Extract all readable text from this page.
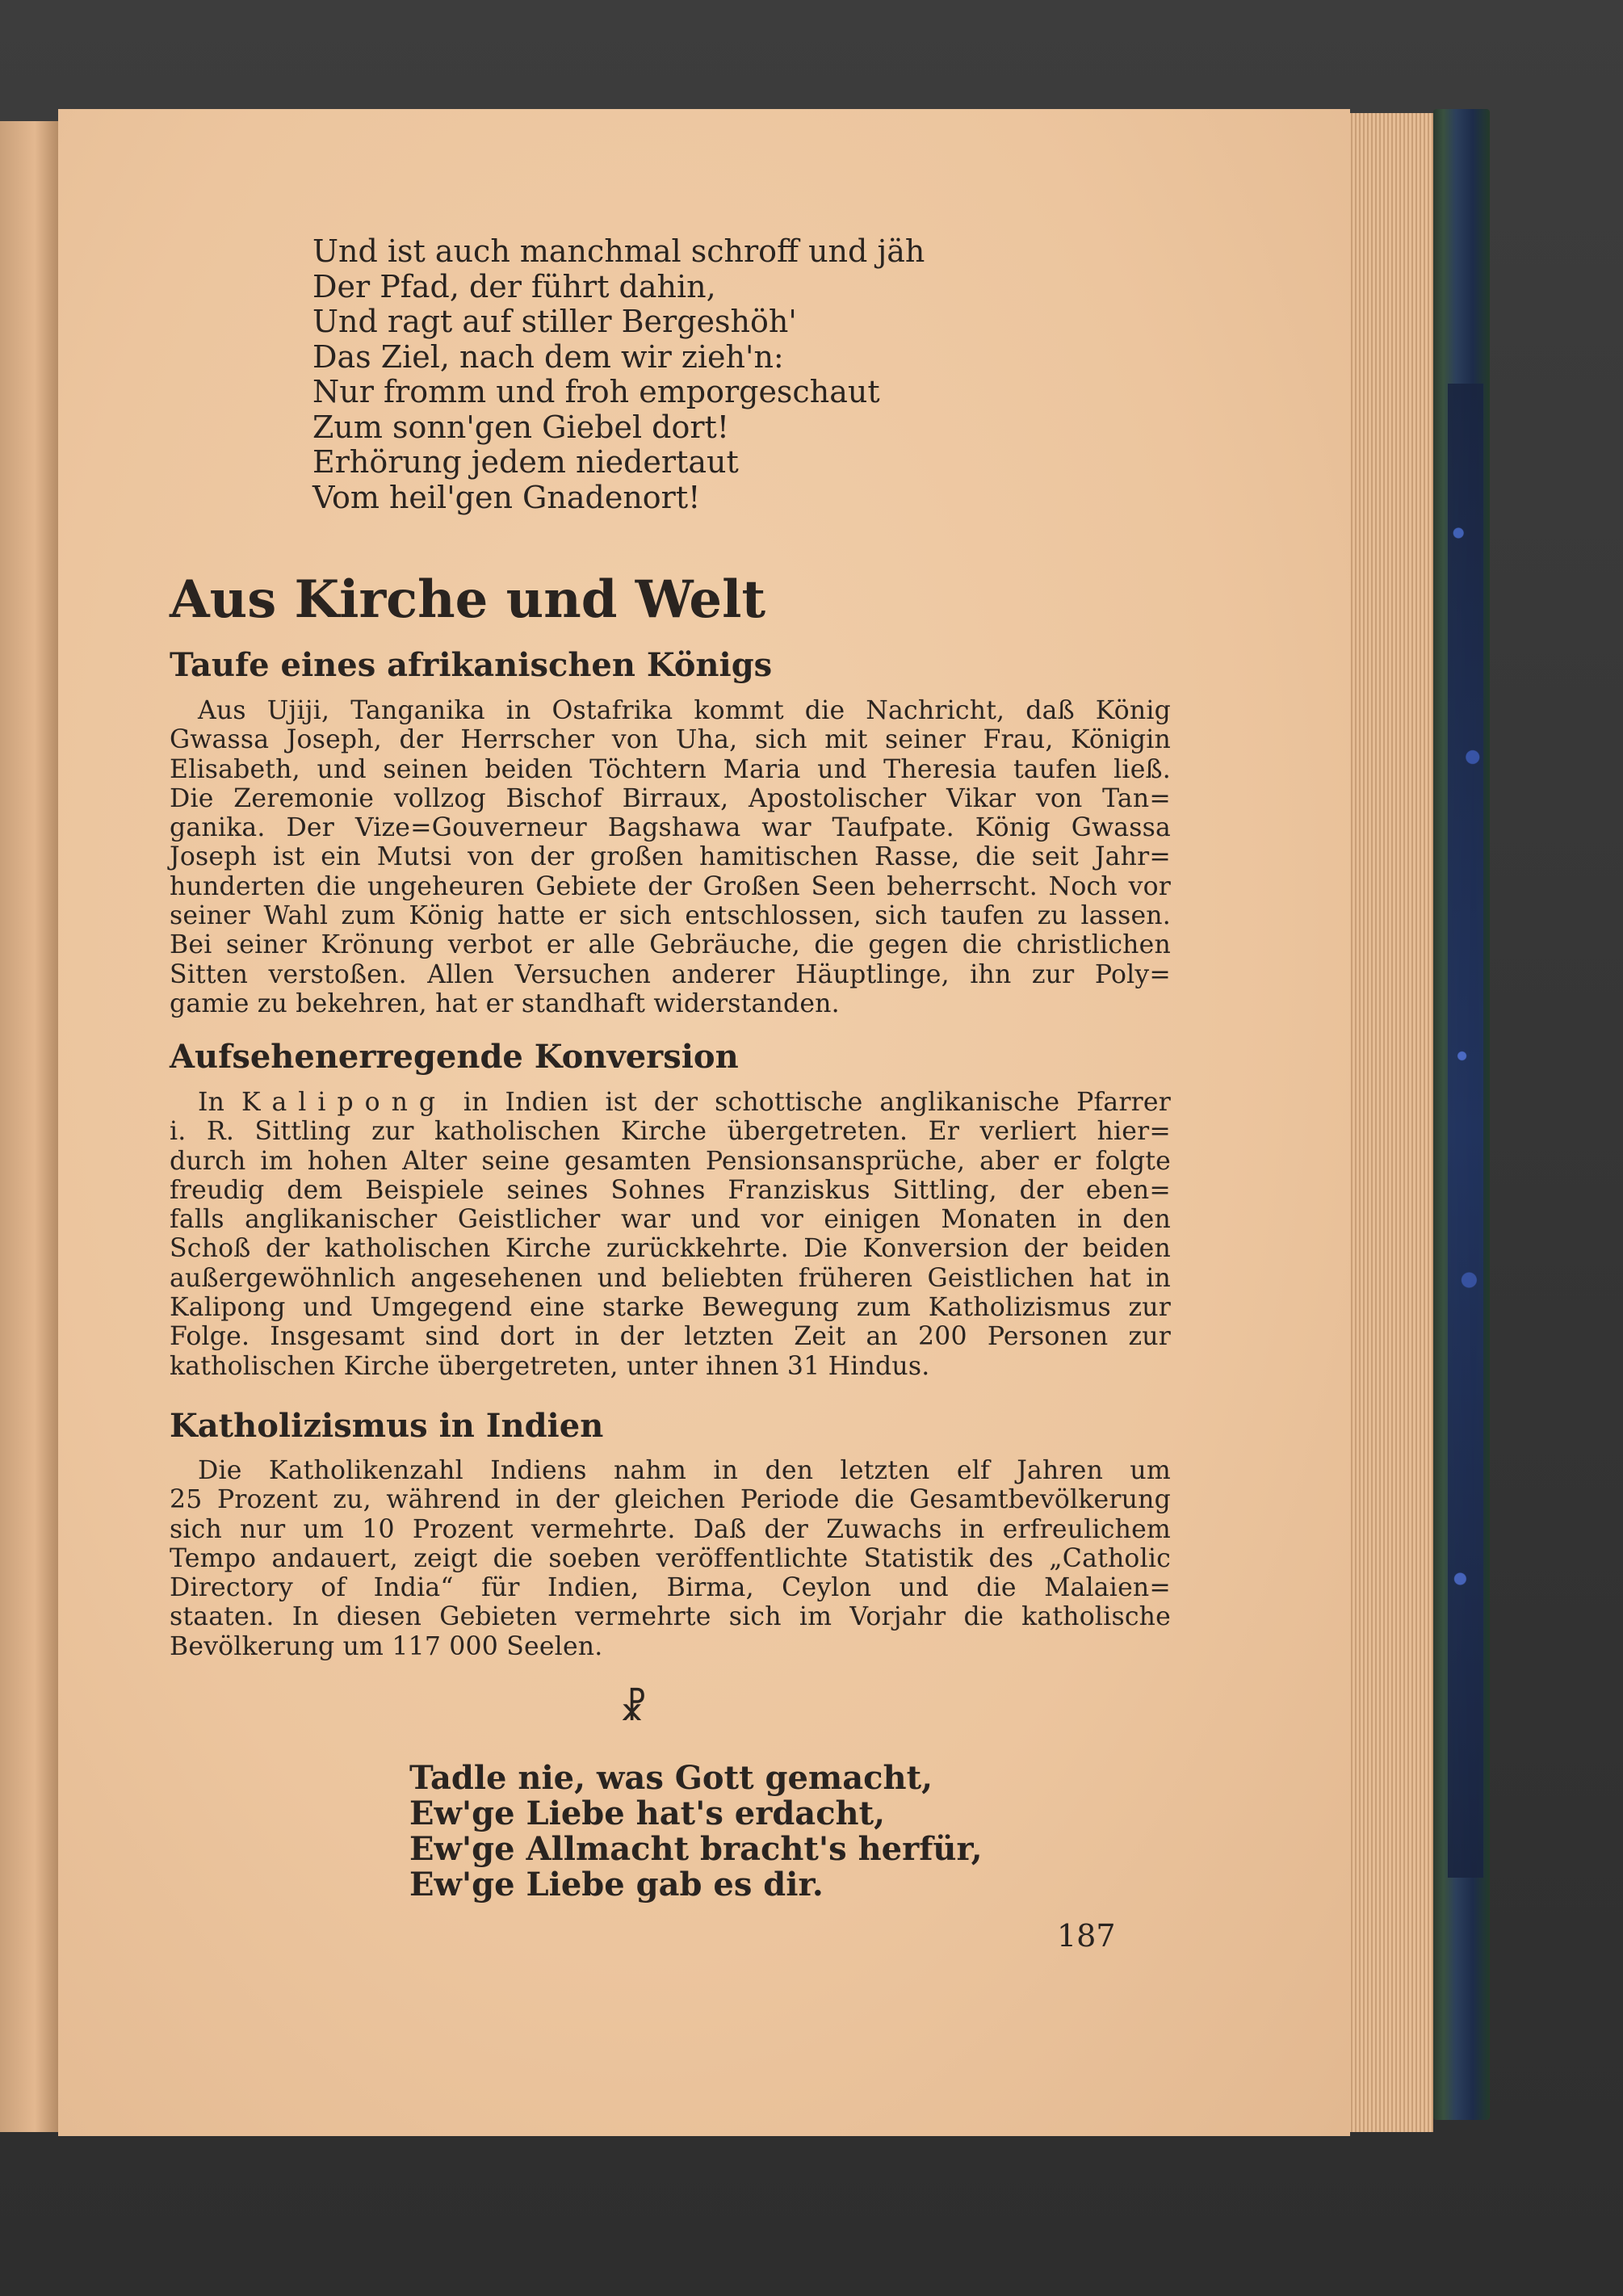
Und ist auch manchmal schroff und jäh
Der Pfad, der führt dahin,
Und ragt auf stiller Bergeshöh'
Das Ziel, nach dem wir zieh'n:
Nur fromm und froh emporgeschaut
Zum sonn'gen Giebel dort!
Erhörung jedem niedertaut
Vom heil'gen Gnadenort!
Aus Kirche und Welt
Taufe eines afrikanischen Königs
Aus Ujiji, Tanganika in Ostafrika kommt die Nachricht, daß König
Gwassa Joseph, der Herrscher von Uha, sich mit seiner Frau, Königin
Elisabeth, und seinen beiden Töchtern Maria und Theresia taufen ließ.
Die Zeremonie vollzog Bischof Birraux, Apostolischer Vikar von Tan=
ganika. Der Vize=Gouverneur Bagshawa war Taufpate. König Gwassa
Joseph ist ein Mutsi von der großen hamitischen Rasse, die seit Jahr=
hunderten die ungeheuren Gebiete der Großen Seen beherrscht. Noch vor
seiner Wahl zum König hatte er sich entschlossen, sich taufen zu lassen.
Bei seiner Krönung verbot er alle Gebräuche, die gegen die christlichen
Sitten verstoßen. Allen Versuchen anderer Häuptlinge, ihn zur Poly=
gamie zu bekehren, hat er standhaft widerstanden.
Aufsehenerregende Konversion
In Kalipong in Indien ist der schottische anglikanische Pfarrer
i. R. Sittling zur katholischen Kirche übergetreten. Er verliert hier=
durch im hohen Alter seine gesamten Pensionsansprüche, aber er folgte
freudig dem Beispiele seines Sohnes Franziskus Sittling, der eben=
falls anglikanischer Geistlicher war und vor einigen Monaten in den
Schoß der katholischen Kirche zurückkehrte. Die Konversion der beiden
außergewöhnlich angesehenen und beliebten früheren Geistlichen hat in
Kalipong und Umgegend eine starke Bewegung zum Katholizismus zur
Folge. Insgesamt sind dort in der letzten Zeit an 200 Personen zur
katholischen Kirche übergetreten, unter ihnen 31 Hindus.
Katholizismus in Indien
Die Katholikenzahl Indiens nahm in den letzten elf Jahren um
25 Prozent zu, während in der gleichen Periode die Gesamtbevölkerung
sich nur um 10 Prozent vermehrte. Daß der Zuwachs in erfreulichem
Tempo andauert, zeigt die soeben veröffentlichte Statistik des „Catholic
Directory of India“ für Indien, Birma, Ceylon und die Malaien=
staaten. In diesen Gebieten vermehrte sich im Vorjahr die katholische
Bevölkerung um 117 000 Seelen.
☧
Tadle nie, was Gott gemacht,
Ew'ge Liebe hat's erdacht,
Ew'ge Allmacht bracht's herfür,
Ew'ge Liebe gab es dir.
187
